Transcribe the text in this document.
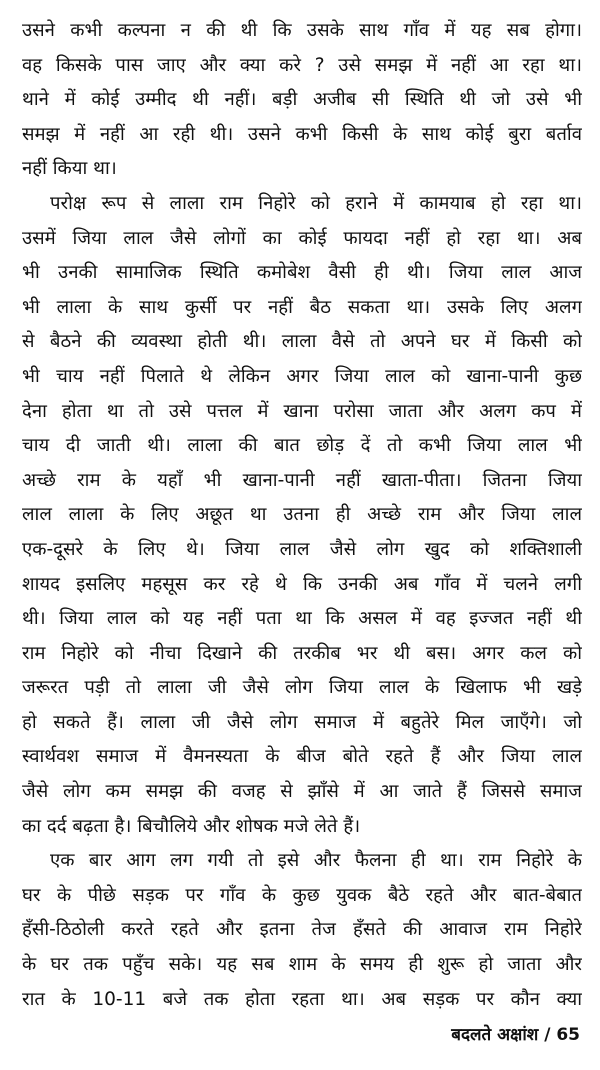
उसने कभी कल्पना न की थी कि उसके साथ गाँव में यह सब होगा।
वह किसके पास जाए और क्या करे ? उसे समझ में नहीं आ रहा था।
थाने में कोई उम्मीद थी नहीं। बड़ी अजीब सी स्थिति थी जो उसे भी
समझ में नहीं आ रही थी। उसने कभी किसी के साथ कोई बुरा बर्ताव
नहीं किया था।
परोक्ष रूप से लाला राम निहोरे को हराने में कामयाब हो रहा था।
उसमें जिया लाल जैसे लोगों का कोई फायदा नहीं हो रहा था। अब
भी उनकी सामाजिक स्थिति कमोबेश वैसी ही थी। जिया लाल आज
भी लाला के साथ कुर्सी पर नहीं बैठ सकता था। उसके लिए अलग
से बैठने की व्यवस्था होती थी। लाला वैसे तो अपने घर में किसी को
भी चाय नहीं पिलाते थे लेकिन अगर जिया लाल को खाना-पानी कुछ
देना होता था तो उसे पत्तल में खाना परोसा जाता और अलग कप में
चाय दी जाती थी। लाला की बात छोड़ दें तो कभी जिया लाल भी
अच्छे राम के यहाँ भी खाना-पानी नहीं खाता-पीता। जितना जिया
लाल लाला के लिए अछूत था उतना ही अच्छे राम और जिया लाल
एक-दूसरे के लिए थे। जिया लाल जैसे लोग खुद को शक्तिशाली
शायद इसलिए महसूस कर रहे थे कि उनकी अब गाँव में चलने लगी
थी। जिया लाल को यह नहीं पता था कि असल में वह इज्जत नहीं थी
राम निहोरे को नीचा दिखाने की तरकीब भर थी बस। अगर कल को
जरूरत पड़ी तो लाला जी जैसे लोग जिया लाल के खिलाफ भी खड़े
हो सकते हैं। लाला जी जैसे लोग समाज में बहुतेरे मिल जाएँगे। जो
स्वार्थवश समाज में वैमनस्यता के बीज बोते रहते हैं और जिया लाल
जैसे लोग कम समझ की वजह से झाँसे में आ जाते हैं जिससे समाज
का दर्द बढ़ता है। बिचौलिये और शोषक मजे लेते हैं।
एक बार आग लग गयी तो इसे और फैलना ही था। राम निहोरे के
घर के पीछे सड़क पर गाँव के कुछ युवक बैठे रहते और बात-बेबात
हँसी-ठिठोली करते रहते और इतना तेज हँसते की आवाज राम निहोरे
के घर तक पहुँच सके। यह सब शाम के समय ही शुरू हो जाता और
रात के 10-11 बजे तक होता रहता था। अब सड़क पर कौन क्या
बदलते अक्षांश / 65
